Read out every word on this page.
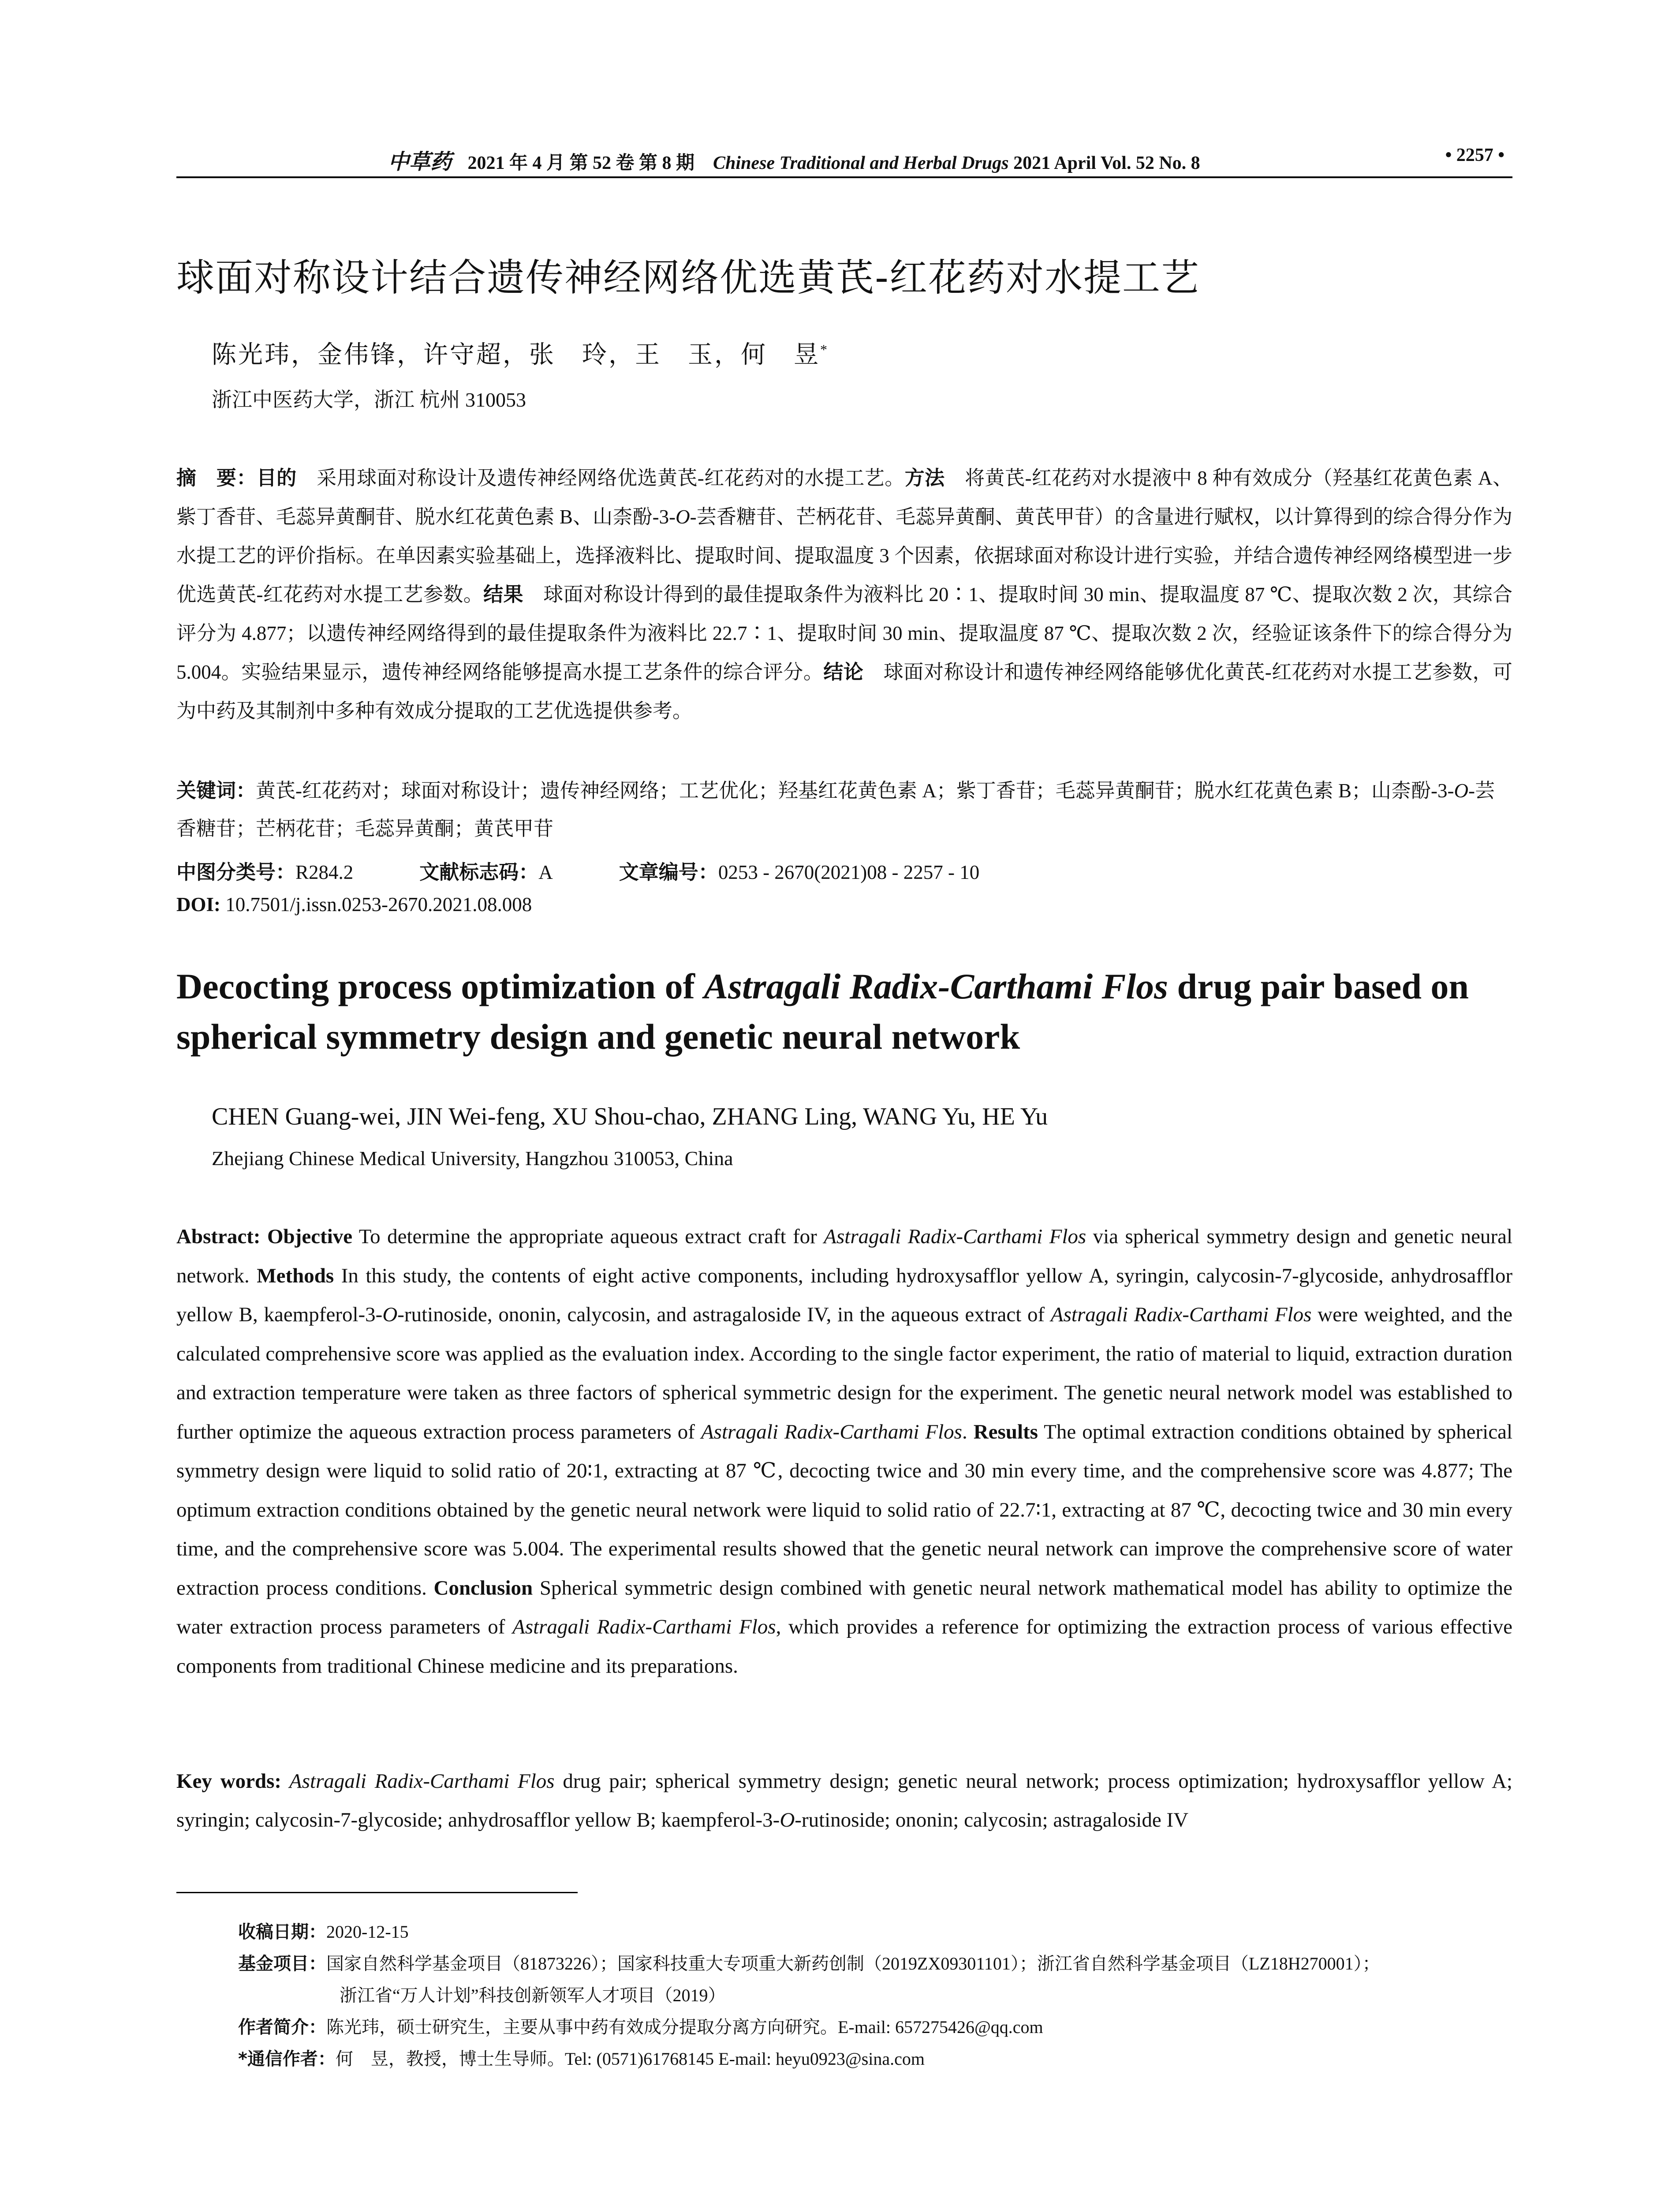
中草药 2021 年 4 月 第 52 卷 第 8 期 Chinese Traditional and Herbal Drugs 2021 April Vol. 52 No. 8	• 2257 •
球面对称设计结合遗传神经网络优选黄芪-红花药对水提工艺
陈光玮，金伟锋，许守超，张　玲，王　玉，何　昱*
浙江中医药大学，浙江 杭州 310053

摘　要：目的　采用球面对称设计及遗传神经网络优选黄芪-红花药对的水提工艺。方法　将黄芪-红花药对水提液中 8 种有效成分（羟基红花黄色素 A、紫丁香苷、毛蕊异黄酮苷、脱水红花黄色素 B、山柰酚-3-O-芸香糖苷、芒柄花苷、毛蕊异黄酮、黄芪甲苷）的含量进行赋权，以计算得到的综合得分作为水提工艺的评价指标。在单因素实验基础上，选择液料比、提取时间、提取温度 3 个因素，依据球面对称设计进行实验，并结合遗传神经网络模型进一步优选黄芪-红花药对水提工艺参数。结果　球面对称设计得到的最佳提取条件为液料比 20∶1、提取时间 30 min、提取温度 87 ℃、提取次数 2 次，其综合评分为 4.877；以遗传神经网络得到的最佳提取条件为液料比 22.7∶1、提取时间 30 min、提取温度 87 ℃、提取次数 2 次，经验证该条件下的综合得分为 5.004。实验结果显示，遗传神经网络能够提高水提工艺条件的综合评分。结论　球面对称设计和遗传神经网络能够优化黄芪-红花药对水提工艺参数，可为中药及其制剂中多种有效成分提取的工艺优选提供参考。

关键词：黄芪-红花药对；球面对称设计；遗传神经网络；工艺优化；羟基红花黄色素 A；紫丁香苷；毛蕊异黄酮苷；脱水红花黄色素 B；山柰酚-3-O-芸香糖苷；芒柄花苷；毛蕊异黄酮；黄芪甲苷

中图分类号：R284.2	文献标志码：A	文章编号：0253 - 2670(2021)08 - 2257 - 10
DOI: 10.7501/j.issn.0253-2670.2021.08.008
Decocting process optimization of Astragali Radix-Carthami Flos drug pair based on spherical symmetry design and genetic neural network
CHEN Guang-wei, JIN Wei-feng, XU Shou-chao, ZHANG Ling, WANG Yu, HE Yu
Zhejiang Chinese Medical University, Hangzhou 310053, China

Abstract: Objective To determine the appropriate aqueous extract craft for Astragali Radix-Carthami Flos via spherical symmetry design and genetic neural network. Methods In this study, the contents of eight active components, including hydroxysafflor yellow A, syringin, calycosin-7-glycoside, anhydrosafflor yellow B, kaempferol-3-O-rutinoside, ononin, calycosin, and astragaloside IV, in the aqueous extract of Astragali Radix-Carthami Flos were weighted, and the calculated comprehensive score was applied as the evaluation index. According to the single factor experiment, the ratio of material to liquid, extraction duration and extraction temperature were taken as three factors of spherical symmetric design for the experiment. The genetic neural network model was established to further optimize the aqueous extraction process parameters of Astragali Radix-Carthami Flos. Results The optimal extraction conditions obtained by spherical symmetry design were liquid to solid ratio of 20∶1, extracting at 87 ℃, decocting twice and 30 min every time, and the comprehensive score was 4.877; The optimum extraction conditions obtained by the genetic neural network were liquid to solid ratio of 22.7∶1, extracting at 87 ℃, decocting twice and 30 min every time, and the comprehensive score was 5.004. The experimental results showed that the genetic neural network can improve the comprehensive score of water extraction process conditions. Conclusion Spherical symmetric design combined with genetic neural network mathematical model has ability to optimize the water extraction process parameters of Astragali Radix-Carthami Flos, which provides a reference for optimizing the extraction process of various effective components from traditional Chinese medicine and its preparations.

Key words: Astragali Radix-Carthami Flos drug pair; spherical symmetry design; genetic neural network; process optimization; hydroxysafflor yellow A; syringin; calycosin-7-glycoside; anhydrosafflor yellow B; kaempferol-3-O-rutinoside; ononin; calycosin; astragaloside IV

收稿日期：2020-12-15
基金项目：国家自然科学基金项目（81873226）；国家科技重大专项重大新药创制（2019ZX09301101）；浙江省自然科学基金项目（LZ18H270001）；
浙江省“万人计划”科技创新领军人才项目（2019）
作者简介：陈光玮，硕士研究生，主要从事中药有效成分提取分离方向研究。E-mail: 657275426@qq.com
*通信作者：何　昱，教授，博士生导师。Tel: (0571)61768145 E-mail: heyu0923@sina.com
